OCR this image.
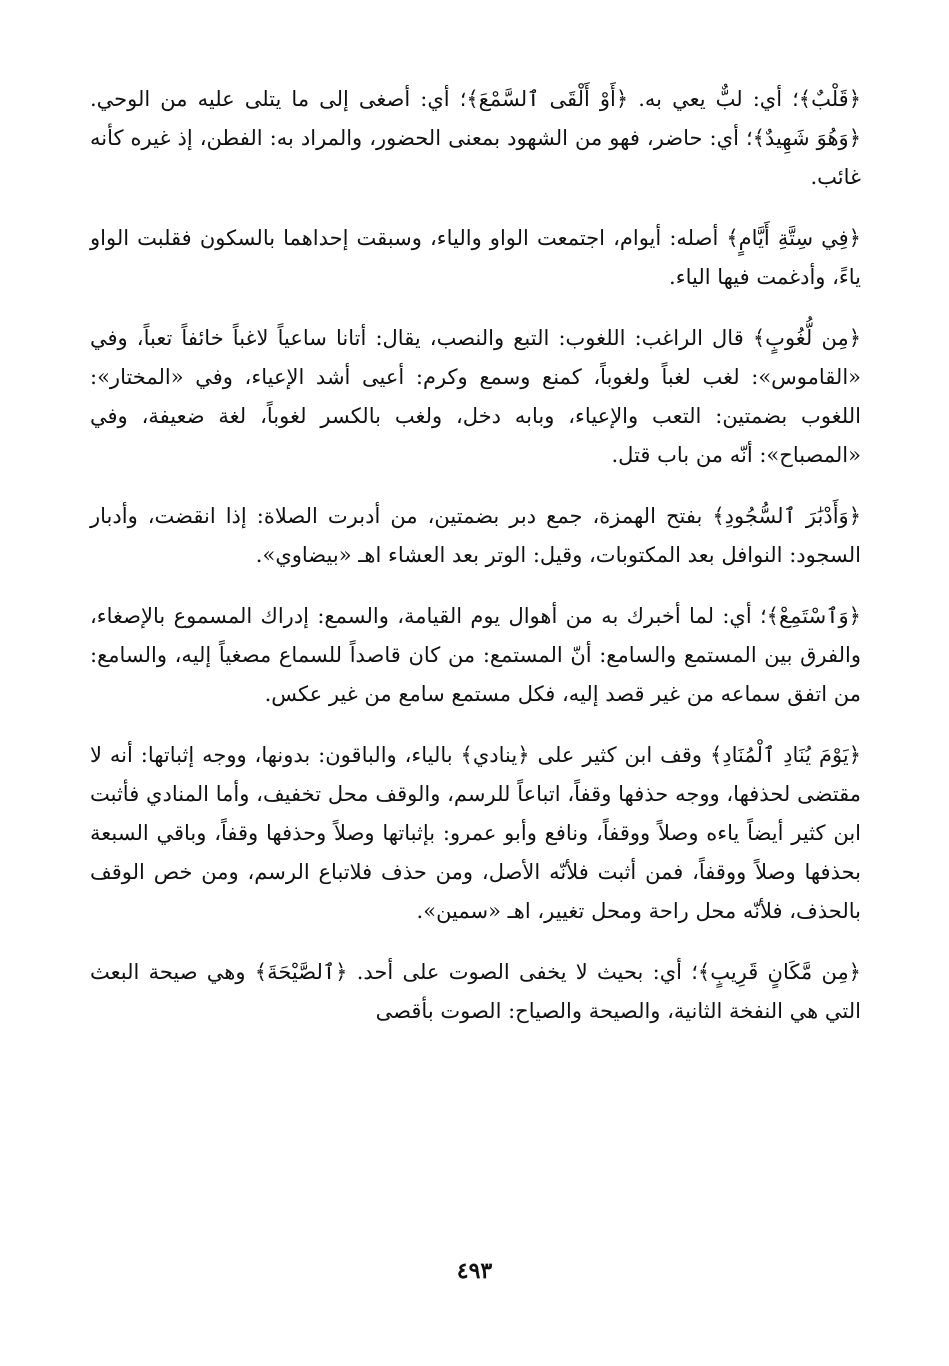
﴿قَلْبٌ﴾؛ أي: لبٌّ يعي به. ﴿أَوْ أَلْقَى ٱلسَّمْعَ﴾؛ أي: أصغى إلى ما يتلى عليه من الوحي. ﴿وَهُوَ شَهِيدٌ﴾؛ أي: حاضر، فهو من الشهود بمعنى الحضور، والمراد به: الفطن، إذ غيره كأنه غائب.

﴿فِي سِتَّةِ أَيَّامٍ﴾ أصله: أيوام، اجتمعت الواو والياء، وسبقت إحداهما بالسكون فقلبت الواو ياءً، وأدغمت فيها الياء.

﴿مِن لُّغُوبٍ﴾ قال الراغب: اللغوب: التبع والنصب، يقال: أتانا ساعياً لاغباً خائفاً تعباً، وفي «القاموس»: لغب لغباً ولغوباً، كمنع وسمع وكرم: أعيى أشد الإعياء، وفي «المختار»: اللغوب بضمتين: التعب والإعياء، وبابه دخل، ولغب بالكسر لغوباً، لغة ضعيفة، وفي «المصباح»: أنّه من باب قتل.

﴿وَأَدْبَٰرَ ٱلسُّجُودِ﴾ بفتح الهمزة، جمع دبر بضمتين، من أدبرت الصلاة: إذا انقضت، وأدبار السجود: النوافل بعد المكتوبات، وقيل: الوتر بعد العشاء اهـ «بيضاوي».

﴿وَٱسْتَمِعْ﴾؛ أي: لما أخبرك به من أهوال يوم القيامة، والسمع: إدراك المسموع بالإصغاء، والفرق بين المستمع والسامع: أنّ المستمع: من كان قاصداً للسماع مصغياً إليه، والسامع: من اتفق سماعه من غير قصد إليه، فكل مستمع سامع من غير عكس.

﴿يَوْمَ يُنَادِ ٱلْمُنَادِ﴾ وقف ابن كثير على ﴿ينادي﴾ بالياء، والباقون: بدونها، ووجه إثباتها: أنه لا مقتضى لحذفها، ووجه حذفها وقفاً، اتباعاً للرسم، والوقف محل تخفيف، وأما المنادي فأثبت ابن كثير أيضاً ياءه وصلاً ووقفاً، ونافع وأبو عمرو: بإثباتها وصلاً وحذفها وقفاً، وباقي السبعة بحذفها وصلاً ووقفاً، فمن أثبت فلأنّه الأصل، ومن حذف فلاتباع الرسم، ومن خص الوقف بالحذف، فلأنّه محل راحة ومحل تغيير، اهـ «سمين».

﴿مِن مَّكَانٍ قَرِيبٍ﴾؛ أي: بحيث لا يخفى الصوت على أحد. ﴿ٱلصَّيْحَةَ﴾ وهي صيحة البعث التي هي النفخة الثانية، والصيحة والصياح: الصوت بأقصى

٤٩٣
